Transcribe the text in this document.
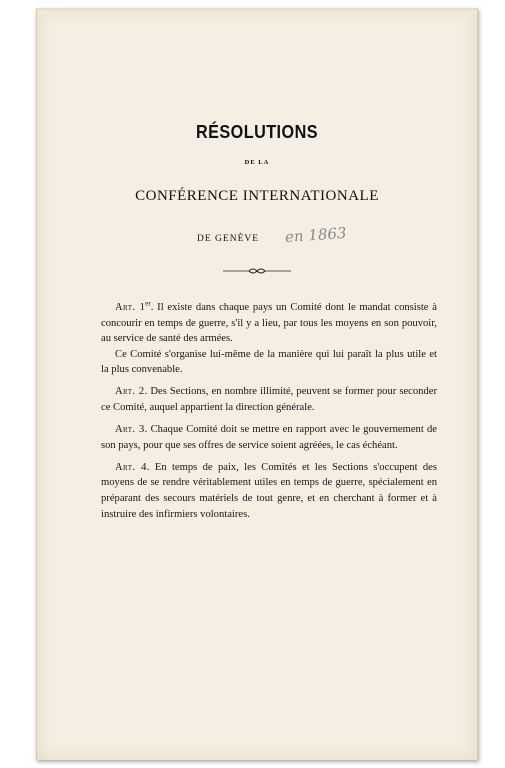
RÉSOLUTIONS
DE LA
CONFÉRENCE INTERNATIONALE
DE GENÈVE en 1863

Art. 1er. Il existe dans chaque pays un Comité dont le mandat consiste à concourir en temps de guerre, s'il y a lieu, par tous les moyens en son pouvoir, au service de santé des armées.

Ce Comité s'organise lui-même de la manière qui lui paraît la plus utile et la plus convenable.

Art. 2. Des Sections, en nombre illimité, peuvent se former pour seconder ce Comité, auquel appartient la direction générale.

Art. 3. Chaque Comité doit se mettre en rapport avec le gouvernement de son pays, pour que ses offres de service soient agréées, le cas échéant.

Art. 4. En temps de paix, les Comités et les Sections s'occupent des moyens de se rendre véritablement utiles en temps de guerre, spécialement en préparant des secours matériels de tout genre, et en cherchant à former et à instruire des infirmiers volontaires.
